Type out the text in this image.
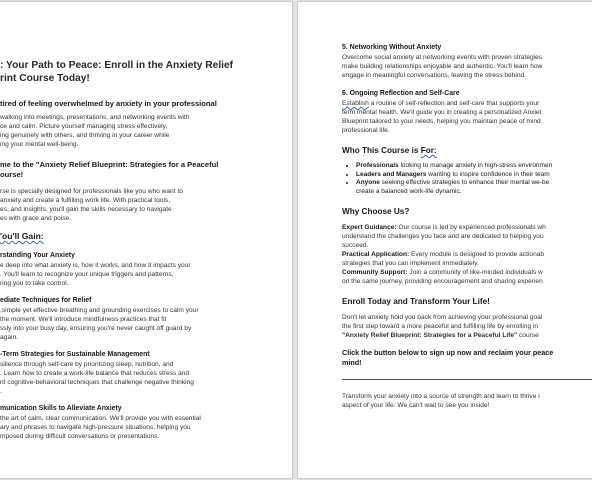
: Your Path to Peace: Enroll in the Anxiety Relief
rint Course Today!
tired of feeling overwhelmed by anxiety in your professional

walking into meetings, presentations, and networking events with
ce and calm. Picture yourself managing stress effectively,
ing genuinely with others, and thriving in your career while
ing your mental well-being.

me to the "Anxiety Relief Blueprint: Strategies for a Peaceful
ourse!

rse is specially designed for professionals like you who want to
anxiety and create a fulfilling work life. With practical tools,
es, and insights, you'll gain the skills necessary to navigate
es with grace and poise.

'ou'll Gain:
rstanding Your Anxiety

e deep into what anxiety is, how it works, and how it impacts your
. You'll learn to recognize your unique triggers and patterns,
ring you to take control.

ediate Techniques for Relief

,simple yet effective breathing and grounding exercises to calm your
the moment. We'll introduce mindfulness practices that fit
ssly into your busy day, ensuring you're never caught off guard by
again.

-Term Strategies for Sustainable Management

silience through self-care by prioritizing sleep, nutrition, and
. Learn how to create a work-life balance that reduces stress and
nt cognitive-behavioral techniques that challenge negative thinking
.

munication Skills to Alleviate Anxiety

the art of calm, clear communication. We'll provide you with essential
ary and phrases to navigate high-pressure situations, helping you
mposed during difficult conversations or presentations.

5. Networking Without Anxiety

Overcome social anxiety at networking events with proven strategies
make building relationships enjoyable and authentic. You'll learn how
engage in meaningful conversations, leaving the stress behind.

6. Ongoing Reflection and Self-Care

Establish a routine of self-reflection and self-care that supports your
term mental health. We'll guide you in creating a personalized Anxiet
Blueprint tailored to your needs, helping you maintain peace of mind
professional life.

Who This Course is For:
• Professionals looking to manage anxiety in high-stress environmen
• Leaders and Managers wanting to inspire confidence in their team
• Anyone seeking effective strategies to enhance their mental we-be
create a balanced work-life dynamic.
Why Choose Us?

Expert Guidance: Our course is led by experienced professionals wh
understand the challenges you face and are dedicated to helping you
succeed.

Practical Application: Every module is designed to provide actionab
strategies that you can implement immediately.

Community Support: Join a community of like-minded individuals w
on the same journey, providing encouragement and sharing experien

Enroll Today and Transform Your Life!

Don't let anxiety hold you back from achieving your professional goal
the first step toward a more peaceful and fulfilling life by enrolling in
"Anxiety Relief Blueprint: Strategies for a Peaceful Life" course

Click the button below to sign up now and reclaim your peace
mind!

Transform your anxiety into a source of strength and learn to thrive i
aspect of your life. We can't wait to see you inside!
